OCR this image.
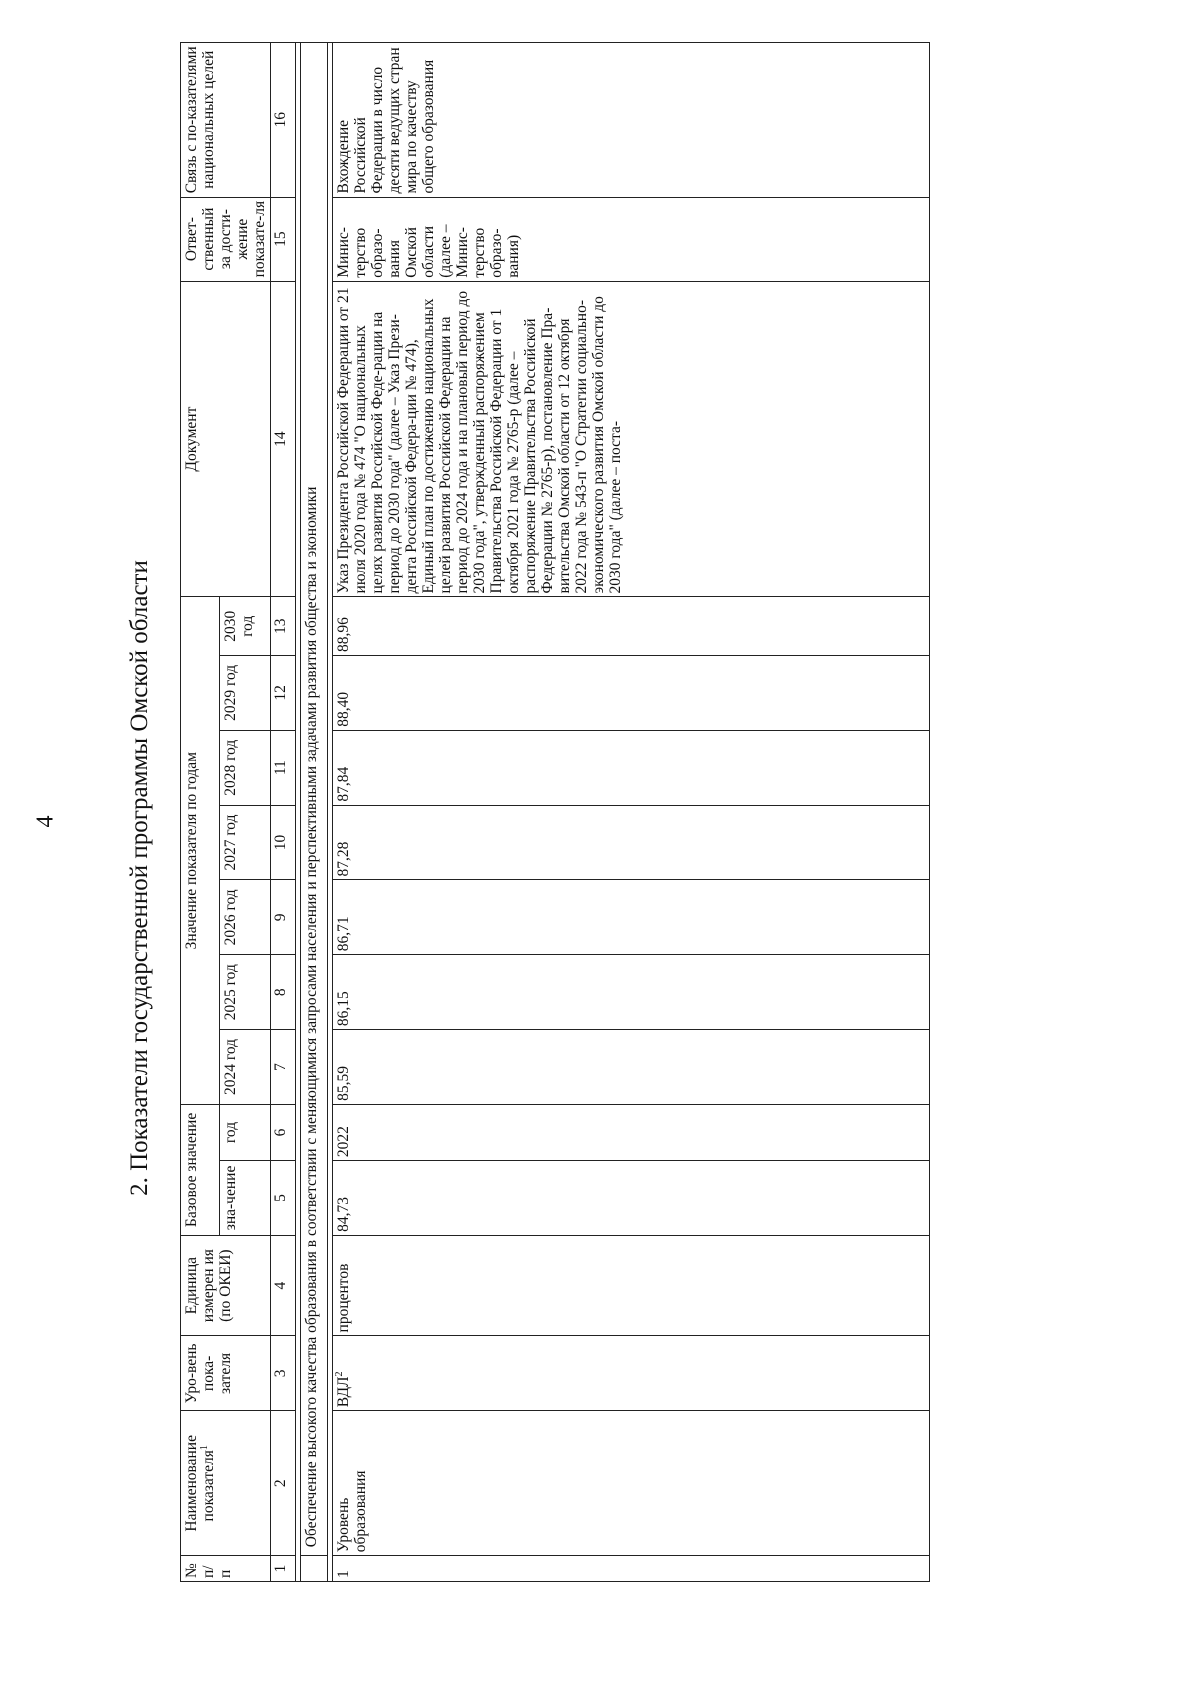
4	2. Показатели государственной программы Омской области
№ п/п	Наименование показателя$^1$	Уро-вень пока-зателя	Единица измерен ия (по ОКЕИ)	Базовое значение		Значение показателя по годам							Документ	Ответ-ственный за дости-жение показате-ля	Связь с по-казателями национальных целей
				зна-чение	год	2024 год	2025 год	2026 год	2027 год	2028 год	2029 год	2030 год			
1	2	3	4	5	6	7	8	9	10	11	12	13	14	15	16

	Обеспечение высокого качества образования в соответствии с меняющимися запросами населения и перспективными задачами развития общества и экономики														

1	Уровень образования	ВДЛ$^2$	процентов	84,73	2022	85,59	86,15	86,71	87,28	87,84	88,40	88,96	Указ Президента Российской Федерации от 21 июля 2020 года № 474 "О национальных целях развития Российской Феде-рации на период до 2030 года" (далее – Указ Прези-дента Российской Федера-ции № 474), Единый план по достижению национальных целей развития Российской Федерации на период до 2024 года и на плановый период до 2030 года", утвержденный распоряжением Правительства Российской Федерации от 1 октября 2021 года № 2765-р (далее – распоряжение Правительства Российской Федерации № 2765-р), постановление Пра-вительства Омской области от 12 октября 2022 года № 543-п "О Стратегии социально-экономического развития Омской области до 2030 года" (далее – поста-	Минис-терство образо-вания Омской области (далее – Минис-терство образо-вания)	Вхождение Российской Федерации в число десяти ведущих стран мира по качеству общего образования
